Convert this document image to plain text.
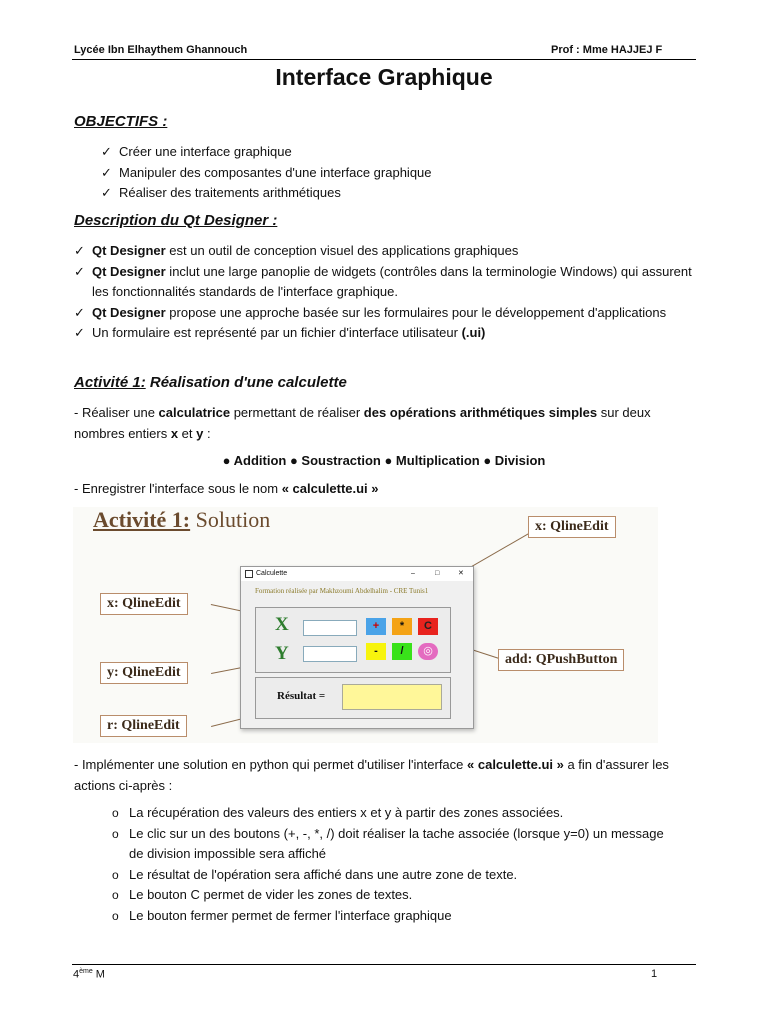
Lycée Ibn Elhaythem Ghannouch	Prof : Mme HAJJEJ F
Interface Graphique
OBJECTIFS :
✓ Créer une interface graphique
✓ Manipuler des composantes d'une interface graphique
✓ Réaliser des traitements arithmétiques
Description du Qt Designer :
✓ Qt Designer est un outil de conception visuel des applications graphiques
✓ Qt Designer inclut une large panoplie de widgets (contrôles dans la terminologie Windows) qui assurent les fonctionnalités standards de l'interface graphique.
✓ Qt Designer propose une approche basée sur les formulaires pour le développement d'applications
✓ Un formulaire est représenté par un fichier d'interface utilisateur (.ui)
Activité 1: Réalisation d'une calculette
- Réaliser une calculatrice permettant de réaliser des opérations arithmétiques simples sur deux nombres entiers x et y :
● Addition ● Soustraction ● Multiplication ● Division
- Enregistrer l'interface sous le nom « calculette.ui »
Activité 1: Solution
Calculette	–	□	✕
Formation réalisée par Makhzoumi Abdelhalim - CRE Tunis1
X
Y
+	*	C
-	/	◎
Résultat =
x: QlineEdit
x: QlineEdit
y: QlineEdit
r: QlineEdit
add: QPushButton
- Implémenter une solution en python qui permet d'utiliser l'interface « calculette.ui » a fin d'assurer les actions ci-après :
o La récupération des valeurs des entiers x et y à partir des zones associées.
o Le clic sur un des boutons (+, -, *, /) doit réaliser la tache associée (lorsque y=0) un message de division impossible sera affiché
o Le résultat de l'opération sera affiché dans une autre zone de texte.
o Le bouton C permet de vider les zones de textes.
o Le bouton fermer permet de fermer l'interface graphique
4ème M	1
